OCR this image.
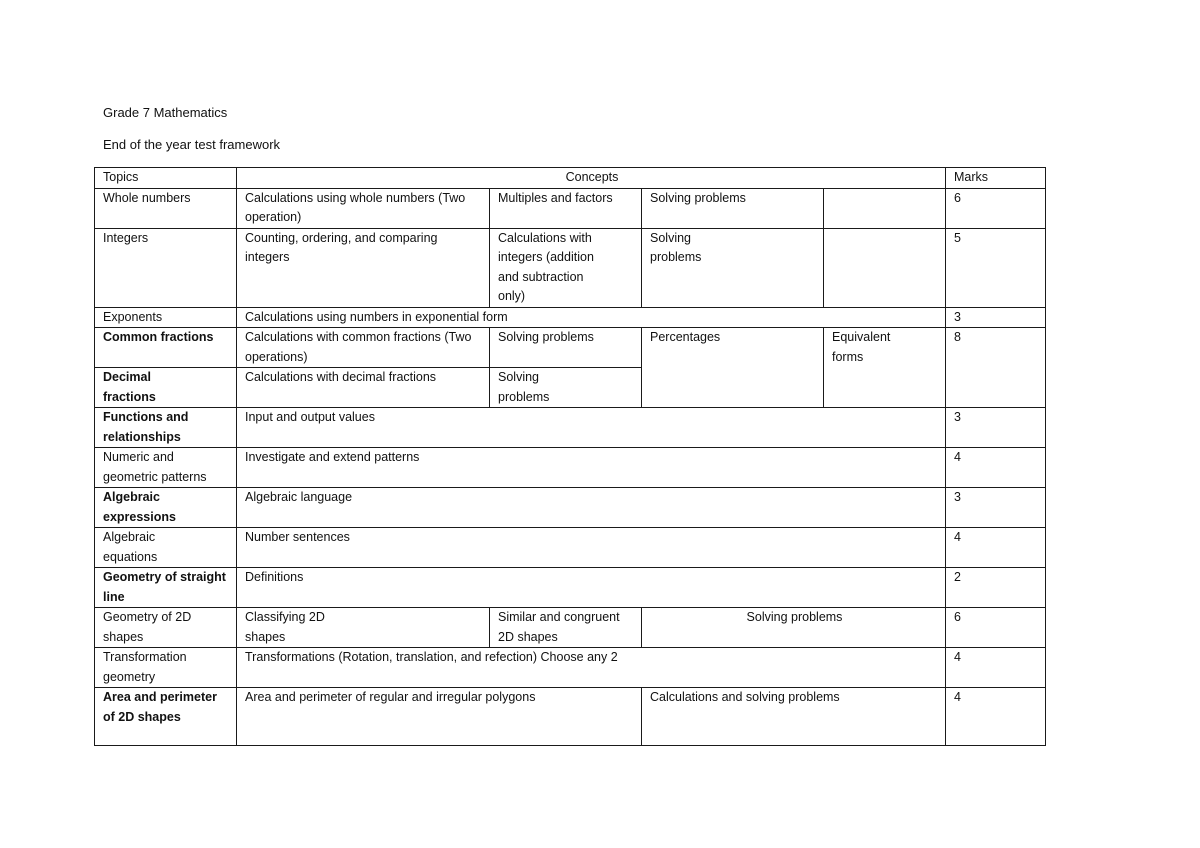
Grade 7 Mathematics
End of the year test framework
Topics	Concepts				Marks
Whole numbers	Calculations using whole numbers (Two operation)	Multiples and factors	Solving problems		6
Integers	Counting, ordering, and comparing integers	Calculations with integers (addition and subtraction only)	Solving problems		5
Exponents	Calculations using numbers in exponential form				3
Common fractions	Calculations with common fractions (Two operations)	Solving problems	Percentages	Equivalent forms	8
Decimal fractions	Calculations with decimal fractions	Solving problems			
Functions and relationships	Input and output values				3
Numeric and geometric patterns	Investigate and extend patterns				4
Algebraic expressions	Algebraic language				3
Algebraic equations	Number sentences				4
Geometry of straight line	Definitions				2
Geometry of 2D shapes	Classifying 2D shapes	Similar and congruent 2D shapes	Solving problems		6
Transformation geometry	Transformations (Rotation, translation, and refection) Choose any 2				4
Area and perimeter of 2D shapes	Area and perimeter of regular and irregular polygons		Calculations and solving problems		4
